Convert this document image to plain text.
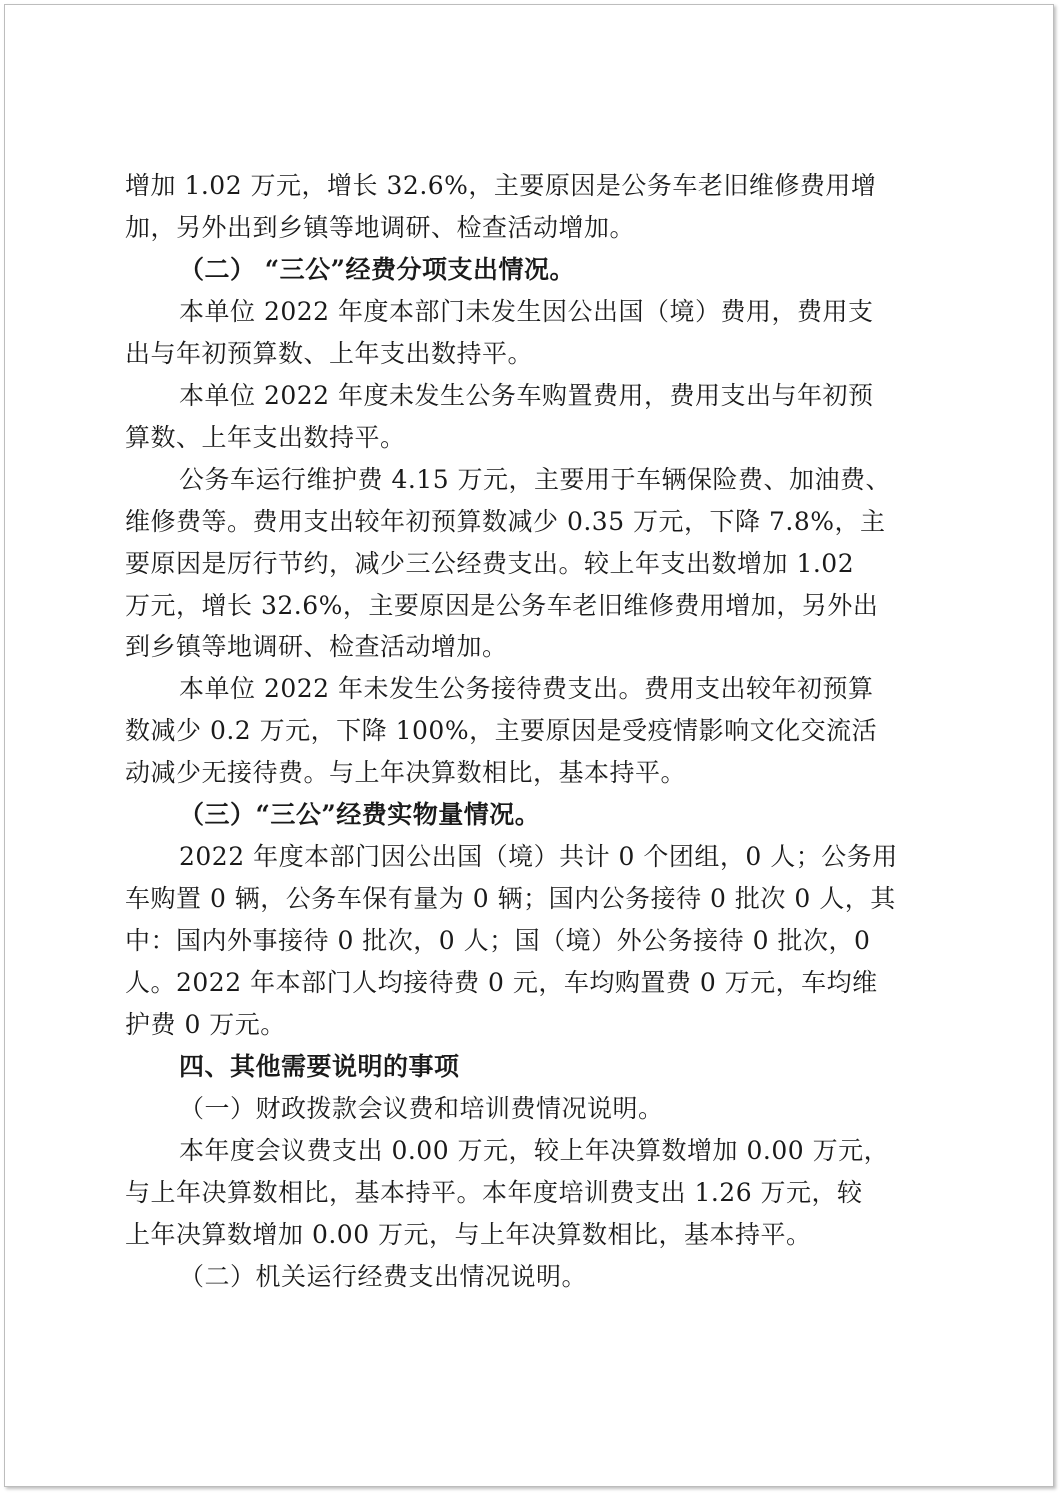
增加 1.02 万元，增长 32.6%，主要原因是公务车老旧维修费用增
加，另外出到乡镇等地调研、检查活动增加。
（二） “三公”经费分项支出情况。
本单位 2022 年度本部门未发生因公出国（境）费用，费用支
出与年初预算数、上年支出数持平。
本单位 2022 年度未发生公务车购置费用，费用支出与年初预
算数、上年支出数持平。
公务车运行维护费 4.15 万元，主要用于车辆保险费、加油费、
维修费等。费用支出较年初预算数减少 0.35 万元，下降 7.8%，主
要原因是厉行节约，减少三公经费支出。较上年支出数增加 1.02
万元，增长 32.6%，主要原因是公务车老旧维修费用增加，另外出
到乡镇等地调研、检查活动增加。
本单位 2022 年未发生公务接待费支出。费用支出较年初预算
数减少 0.2 万元，下降 100%，主要原因是受疫情影响文化交流活
动减少无接待费。与上年决算数相比，基本持平。
（三）“三公”经费实物量情况。
2022 年度本部门因公出国（境）共计 0 个团组，0 人；公务用
车购置 0 辆，公务车保有量为 0 辆；国内公务接待 0 批次 0 人，其
中：国内外事接待 0 批次，0 人；国（境）外公务接待 0 批次，0
人。2022 年本部门人均接待费 0 元，车均购置费 0 万元，车均维
护费 0 万元。
四、其他需要说明的事项
（一）财政拨款会议费和培训费情况说明。
本年度会议费支出 0.00 万元，较上年决算数增加 0.00 万元，
与上年决算数相比，基本持平。本年度培训费支出 1.26 万元，较
上年决算数增加 0.00 万元，与上年决算数相比，基本持平。
（二）机关运行经费支出情况说明。
